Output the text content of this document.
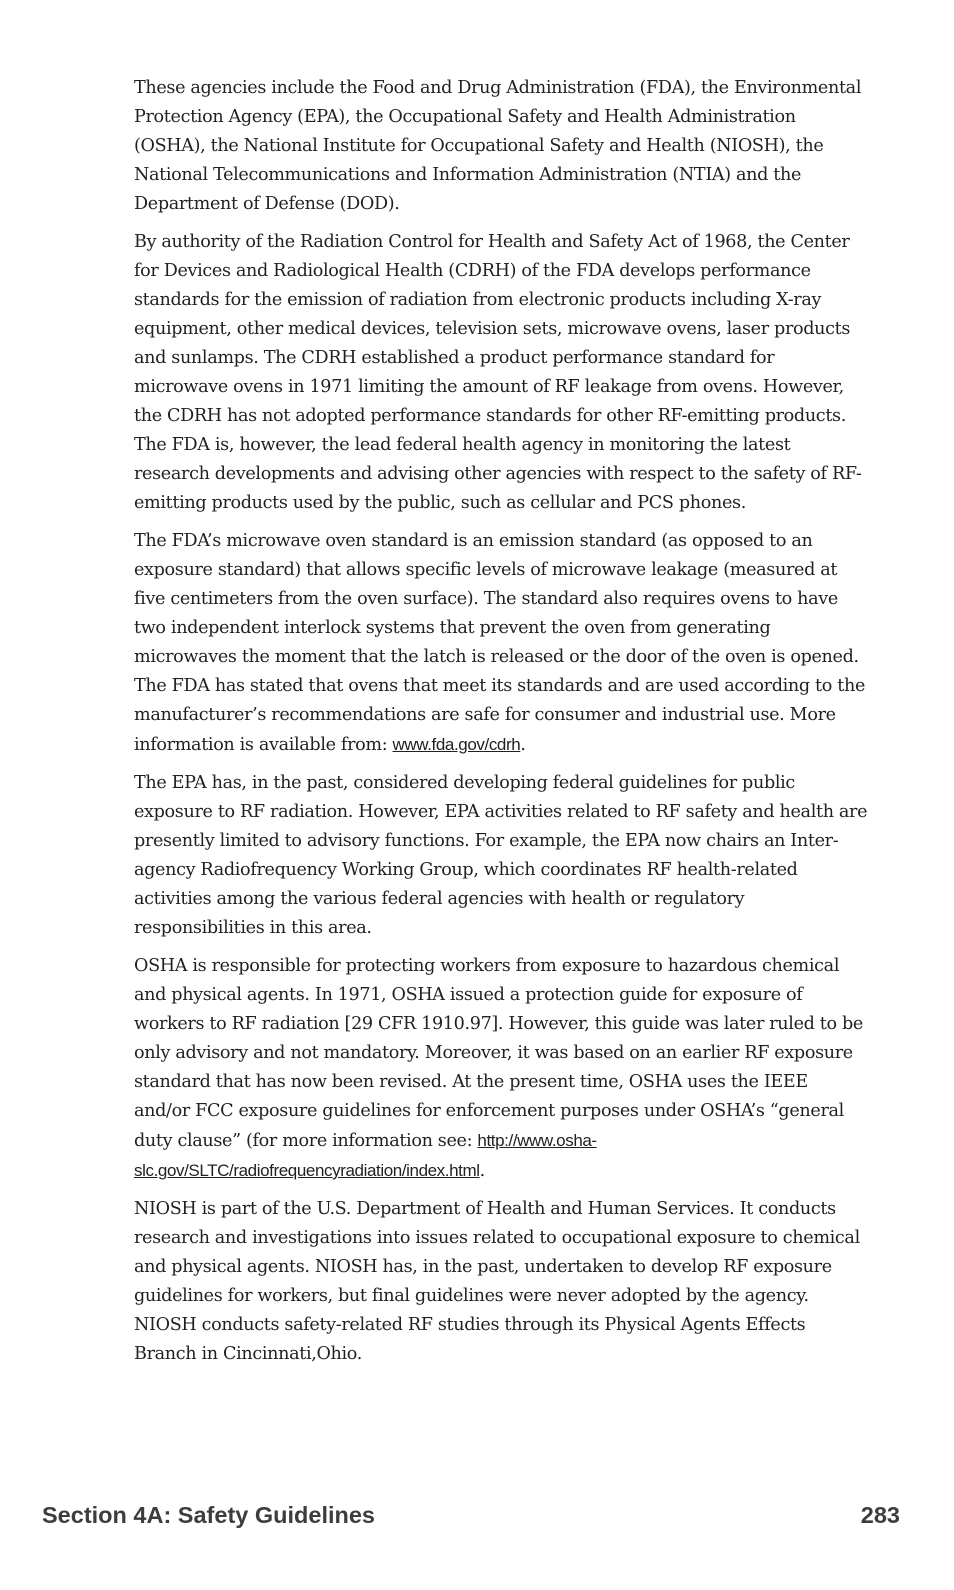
These agencies include the Food and Drug Administration (FDA), the Environmental Protection Agency (EPA), the Occupational Safety and Health Administration (OSHA), the National Institute for Occupational Safety and Health (NIOSH), the National Telecommunications and Information Administration (NTIA) and the Department of Defense (DOD).

By authority of the Radiation Control for Health and Safety Act of 1968, the Center for Devices and Radiological Health (CDRH) of the FDA develops performance standards for the emission of radiation from electronic products including X-ray equipment, other medical devices, television sets, microwave ovens, laser products and sunlamps. The CDRH established a product performance standard for microwave ovens in 1971 limiting the amount of RF leakage from ovens. However, the CDRH has not adopted performance standards for other RF-emitting products. The FDA is, however, the lead federal health agency in monitoring the latest research developments and advising other agencies with respect to the safety of RF-emitting products used by the public, such as cellular and PCS phones.

The FDA’s microwave oven standard is an emission standard (as opposed to an exposure standard) that allows specific levels of microwave leakage (measured at five centimeters from the oven surface). The standard also requires ovens to have two independent interlock systems that prevent the oven from generating microwaves the moment that the latch is released or the door of the oven is opened. The FDA has stated that ovens that meet its standards and are used according to the manufacturer’s recommendations are safe for consumer and industrial use. More information is available from: www.fda.gov/cdrh.

The EPA has, in the past, considered developing federal guidelines for public exposure to RF radiation. However, EPA activities related to RF safety and health are presently limited to advisory functions. For example, the EPA now chairs an Inter-agency Radiofrequency Working Group, which coordinates RF health-related activities among the various federal agencies with health or regulatory responsibilities in this area.

OSHA is responsible for protecting workers from exposure to hazardous chemical and physical agents. In 1971, OSHA issued a protection guide for exposure of workers to RF radiation [29 CFR 1910.97]. However, this guide was later ruled to be only advisory and not mandatory. Moreover, it was based on an earlier RF exposure standard that has now been revised. At the present time, OSHA uses the IEEE and/or FCC exposure guidelines for enforcement purposes under OSHA’s “general duty clause” (for more information see: http://www.osha-slc.gov/SLTC/radiofrequencyradiation/index.html.

NIOSH is part of the U.S. Department of Health and Human Services. It conducts research and investigations into issues related to occupational exposure to chemical and physical agents. NIOSH has, in the past, undertaken to develop RF exposure guidelines for workers, but final guidelines were never adopted by the agency. NIOSH conducts safety-related RF studies through its Physical Agents Effects Branch in Cincinnati,Ohio.

Section 4A: Safety Guidelines	283
